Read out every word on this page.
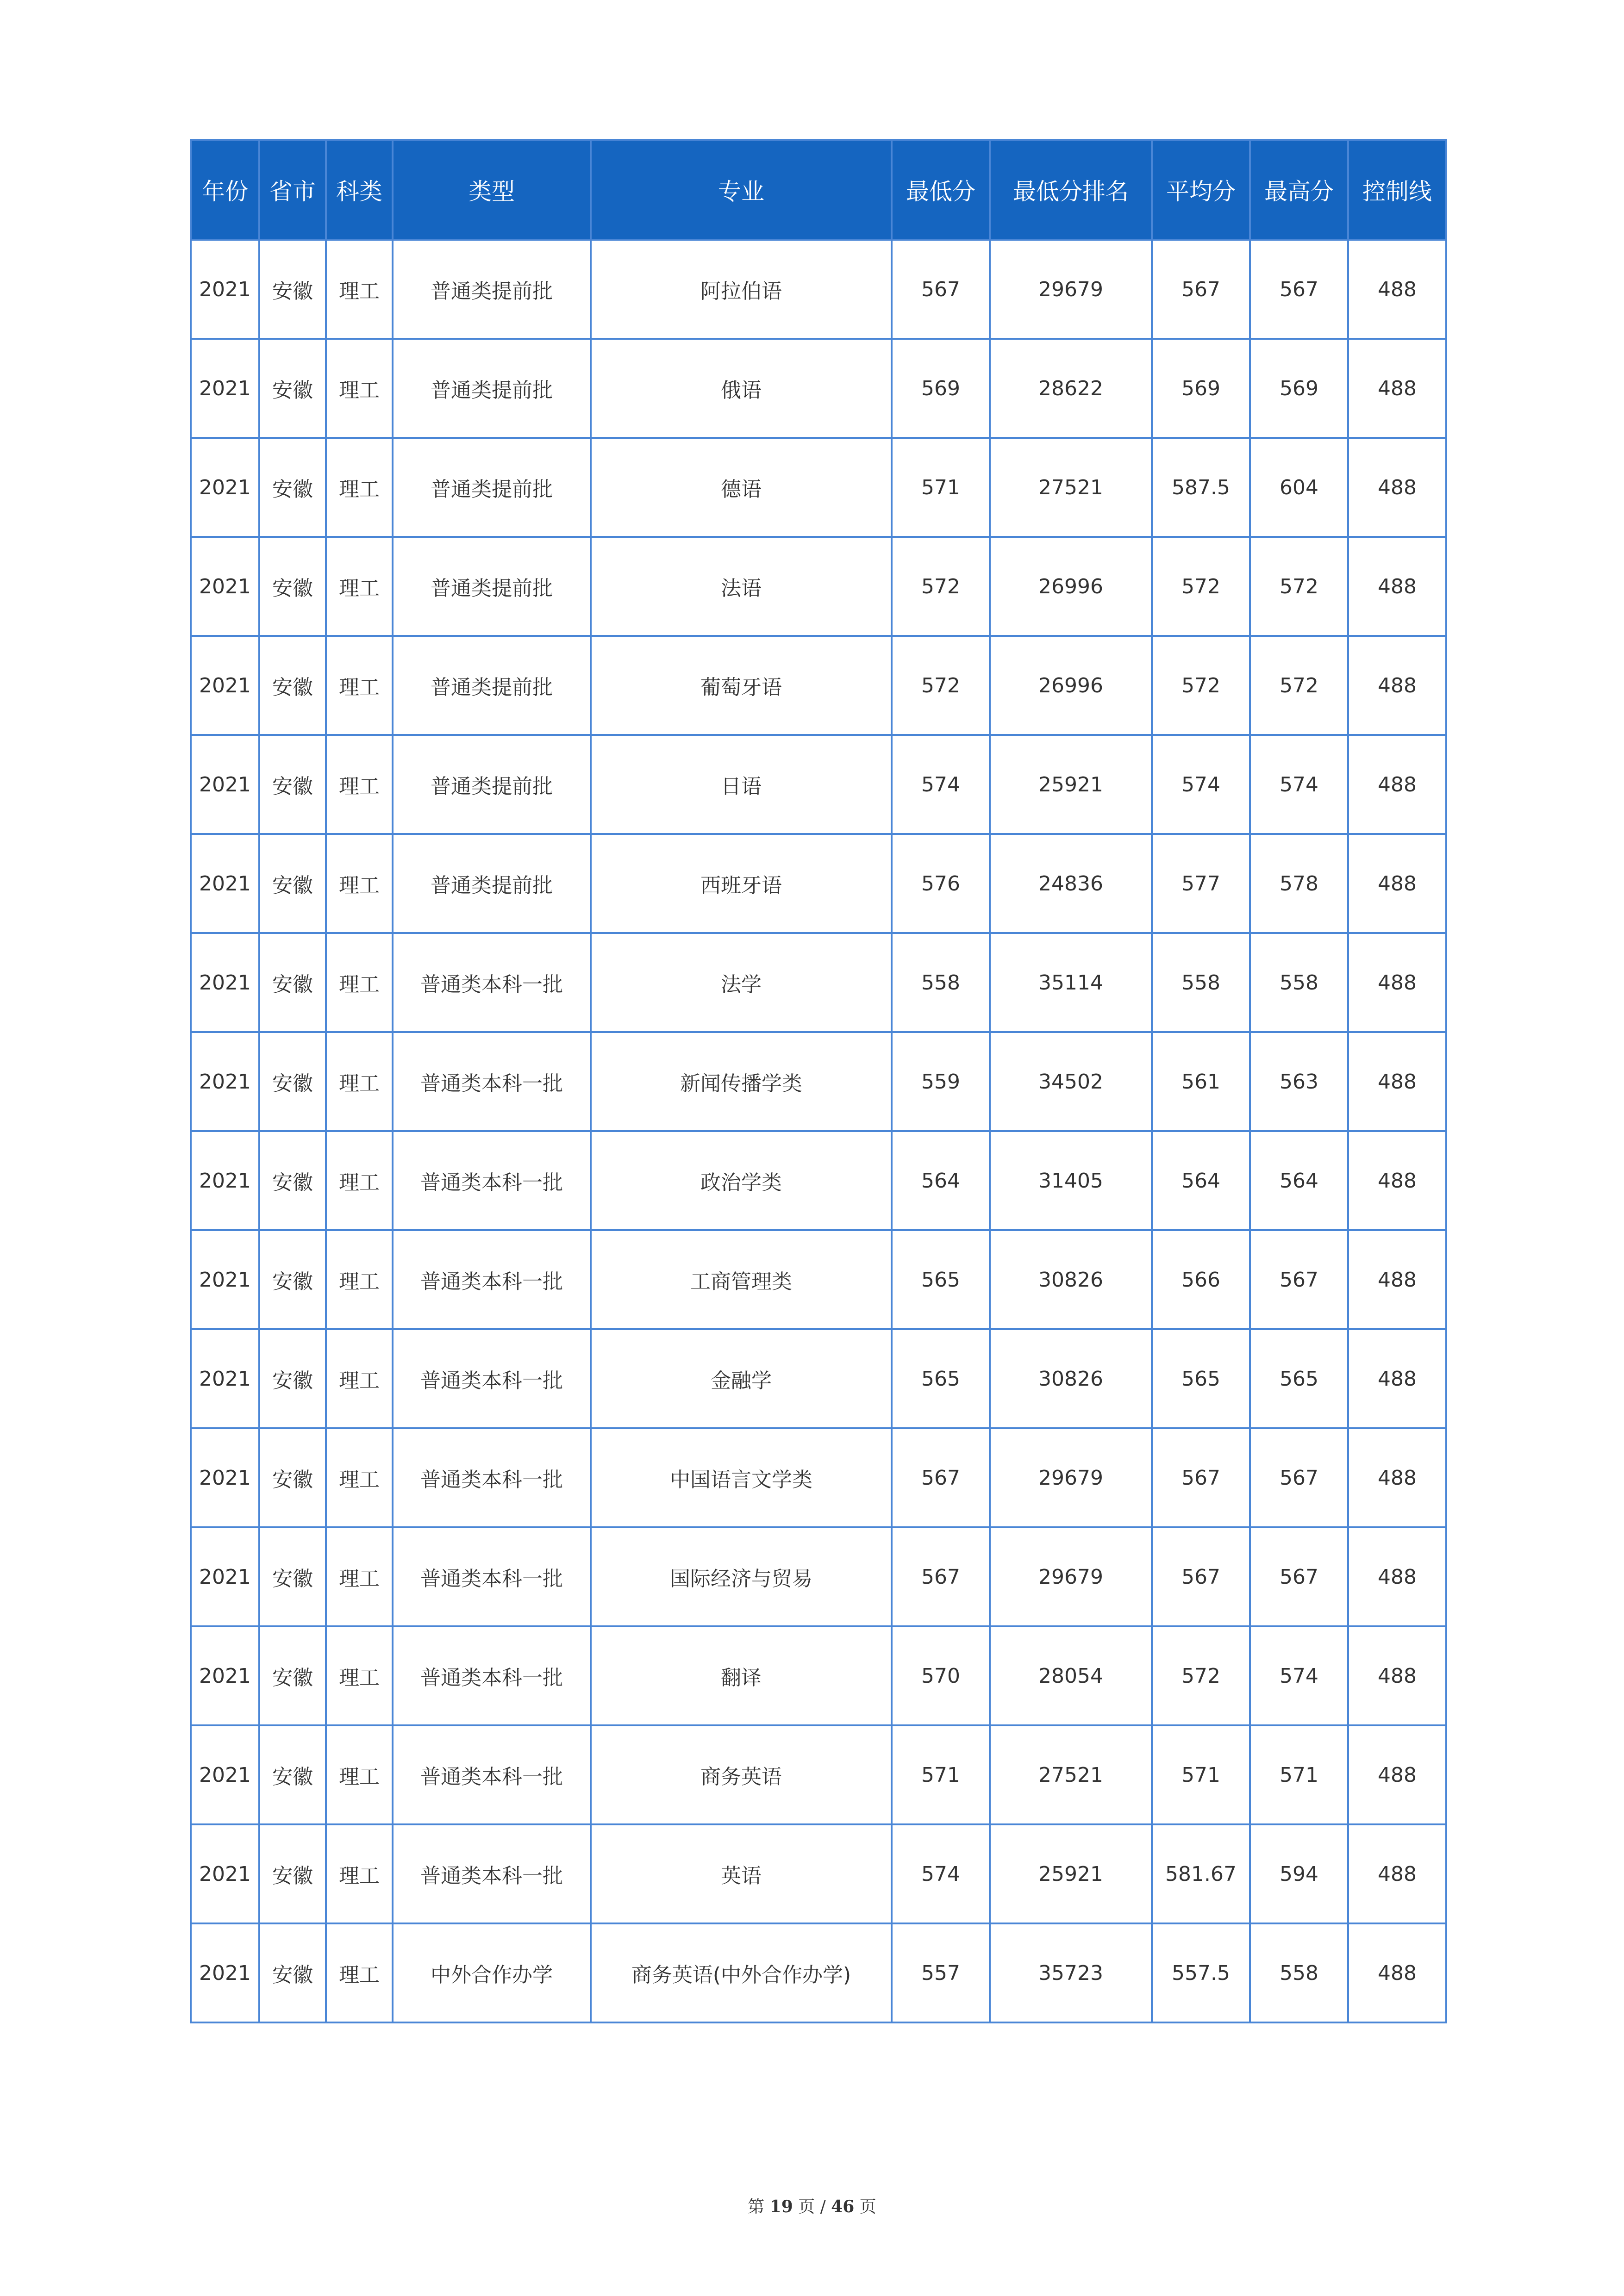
年份	省市	科类	类型	专业	最低分	最低分排名	平均分	最高分	控制线
2021	安徽	理工	普通类提前批	阿拉伯语	567	29679	567	567	488
2021	安徽	理工	普通类提前批	俄语	569	28622	569	569	488
2021	安徽	理工	普通类提前批	德语	571	27521	587.5	604	488
2021	安徽	理工	普通类提前批	法语	572	26996	572	572	488
2021	安徽	理工	普通类提前批	葡萄牙语	572	26996	572	572	488
2021	安徽	理工	普通类提前批	日语	574	25921	574	574	488
2021	安徽	理工	普通类提前批	西班牙语	576	24836	577	578	488
2021	安徽	理工	普通类本科一批	法学	558	35114	558	558	488
2021	安徽	理工	普通类本科一批	新闻传播学类	559	34502	561	563	488
2021	安徽	理工	普通类本科一批	政治学类	564	31405	564	564	488
2021	安徽	理工	普通类本科一批	工商管理类	565	30826	566	567	488
2021	安徽	理工	普通类本科一批	金融学	565	30826	565	565	488
2021	安徽	理工	普通类本科一批	中国语言文学类	567	29679	567	567	488
2021	安徽	理工	普通类本科一批	国际经济与贸易	567	29679	567	567	488
2021	安徽	理工	普通类本科一批	翻译	570	28054	572	574	488
2021	安徽	理工	普通类本科一批	商务英语	571	27521	571	571	488
2021	安徽	理工	普通类本科一批	英语	574	25921	581.67	594	488
2021	安徽	理工	中外合作办学	商务英语(中外合作办学)	557	35723	557.5	558	488
第 19 页 / 46 页
